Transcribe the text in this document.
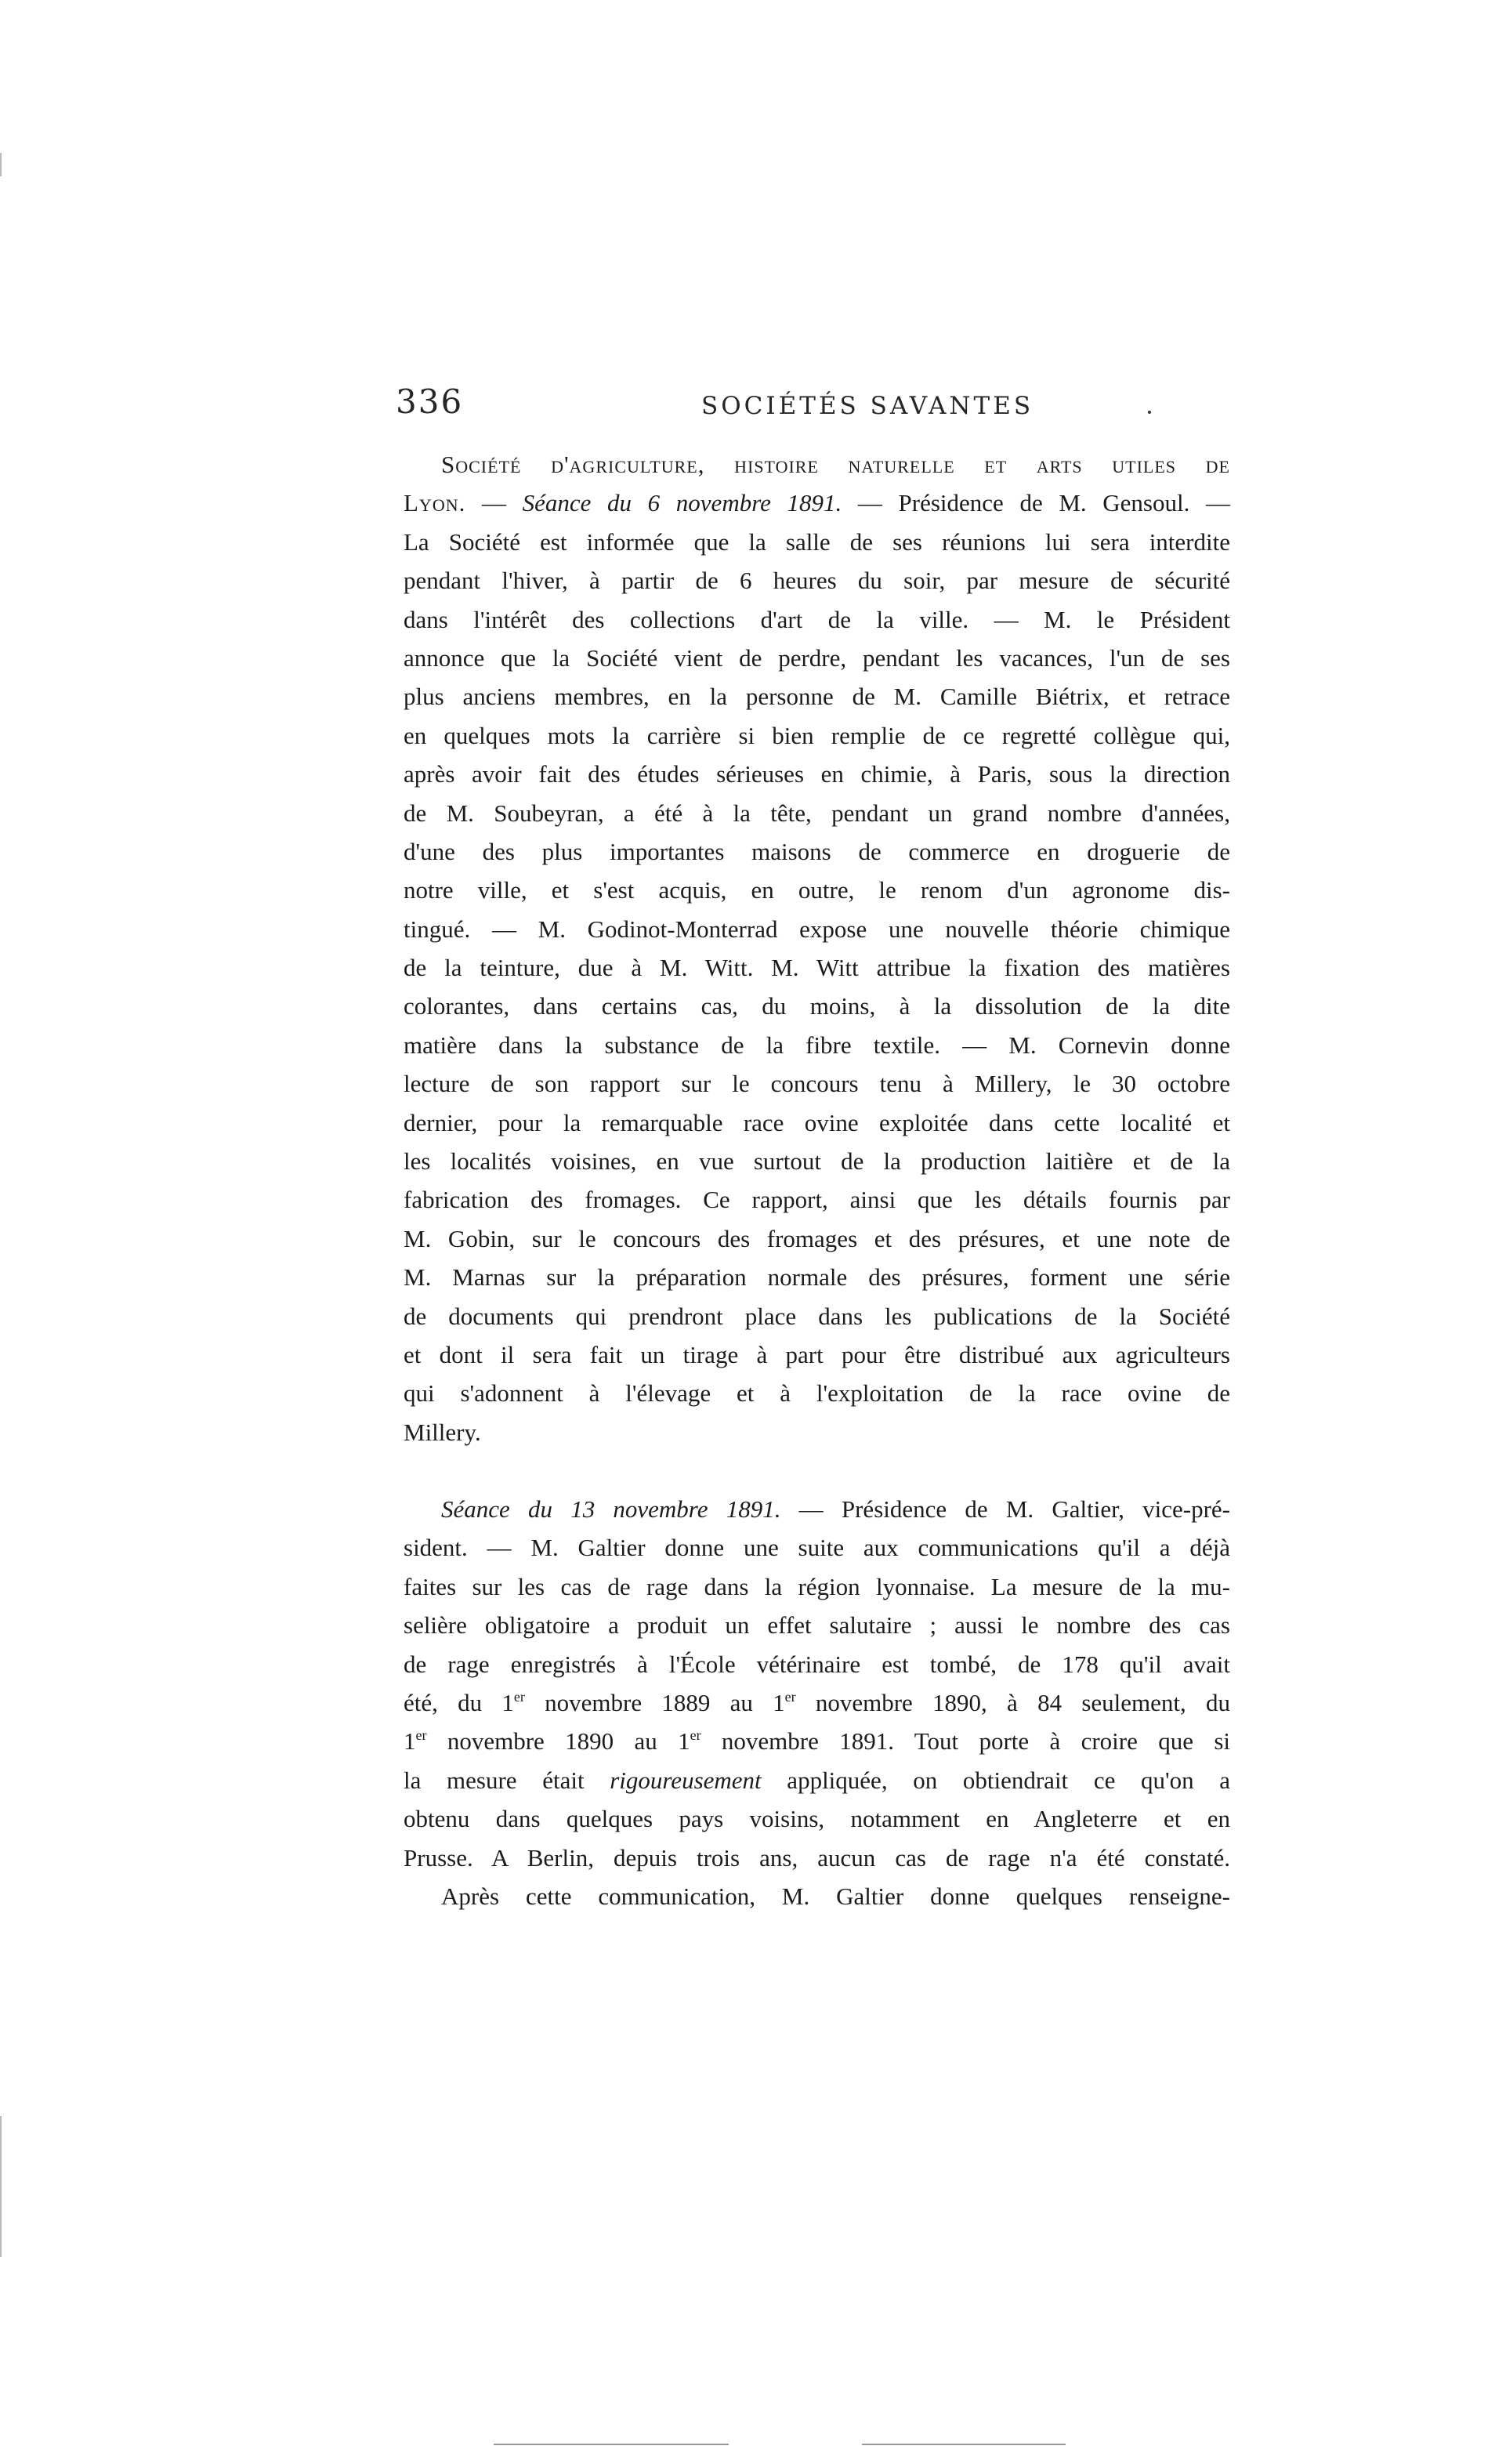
336	SOCIÉTÉS SAVANTES
Société d'agriculture, histoire naturelle et arts utiles de
Lyon. — Séance du 6 novembre 1891. — Présidence de M. Gensoul. —
La Société est informée que la salle de ses réunions lui sera interdite
pendant l'hiver, à partir de 6 heures du soir, par mesure de sécurité
dans l'intérêt des collections d'art de la ville. — M. le Président
annonce que la Société vient de perdre, pendant les vacances, l'un de ses
plus anciens membres, en la personne de M. Camille Biétrix, et retrace
en quelques mots la carrière si bien remplie de ce regretté collègue qui,
après avoir fait des études sérieuses en chimie, à Paris, sous la direction
de M. Soubeyran, a été à la tête, pendant un grand nombre d'années,
d'une des plus importantes maisons de commerce en droguerie de
notre ville, et s'est acquis, en outre, le renom d'un agronome dis-
tingué. — M. Godinot-Monterrad expose une nouvelle théorie chimique
de la teinture, due à M. Witt. M. Witt attribue la fixation des matières
colorantes, dans certains cas, du moins, à la dissolution de la dite
matière dans la substance de la fibre textile. — M. Cornevin donne
lecture de son rapport sur le concours tenu à Millery, le 30 octobre
dernier, pour la remarquable race ovine exploitée dans cette localité et
les localités voisines, en vue surtout de la production laitière et de la
fabrication des fromages. Ce rapport, ainsi que les détails fournis par
M. Gobin, sur le concours des fromages et des présures, et une note de
M. Marnas sur la préparation normale des présures, forment une série
de documents qui prendront place dans les publications de la Société
et dont il sera fait un tirage à part pour être distribué aux agriculteurs
qui s'adonnent à l'élevage et à l'exploitation de la race ovine de
Millery.
Séance du 13 novembre 1891. — Présidence de M. Galtier, vice-pré-
sident. — M. Galtier donne une suite aux communications qu'il a déjà
faites sur les cas de rage dans la région lyonnaise. La mesure de la mu-
selière obligatoire a produit un effet salutaire ; aussi le nombre des cas
de rage enregistrés à l'École vétérinaire est tombé, de 178 qu'il avait
été, du 1er novembre 1889 au 1er novembre 1890, à 84 seulement, du
1er novembre 1890 au 1er novembre 1891. Tout porte à croire que si
la mesure était rigoureusement appliquée, on obtiendrait ce qu'on a
obtenu dans quelques pays voisins, notamment en Angleterre et en
Prusse. A Berlin, depuis trois ans, aucun cas de rage n'a été constaté.
Après cette communication, M. Galtier donne quelques renseigne-
